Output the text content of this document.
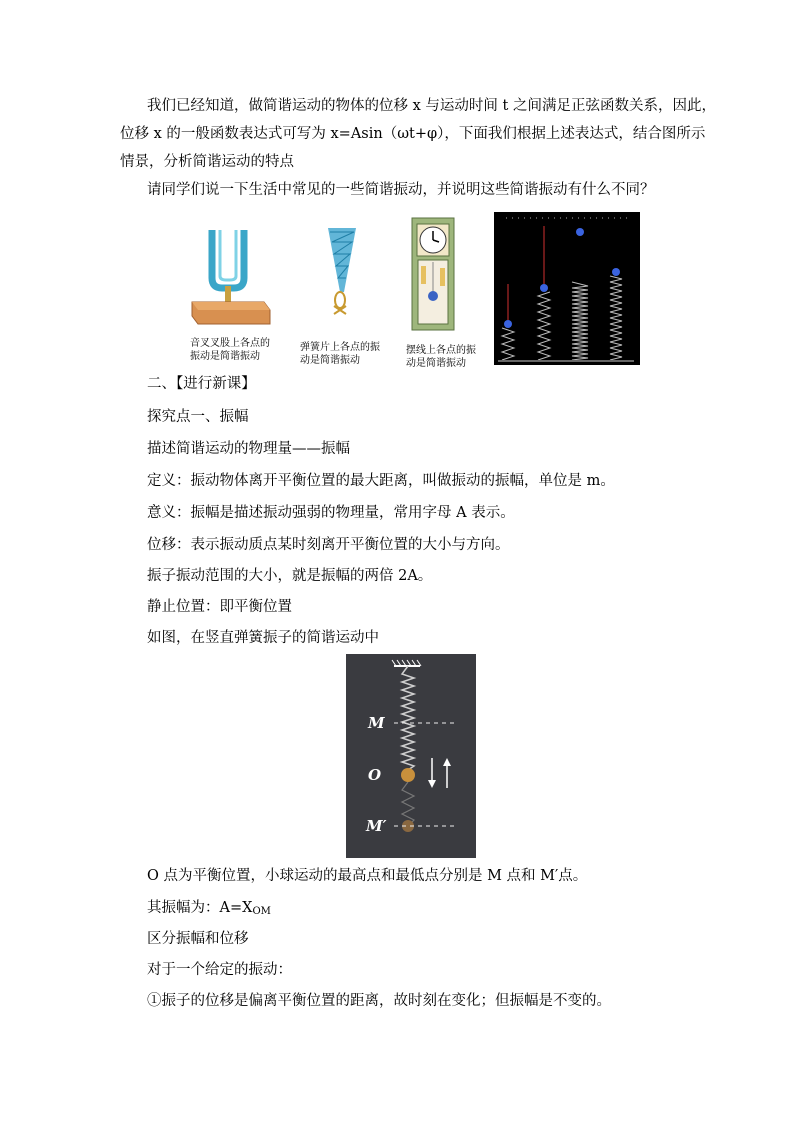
我们已经知道，做简谐运动的物体的位移 x 与运动时间 t 之间满足正弦函数关系，因此，
位移 x 的一般函数表达式可写为 x=Asin（ωt+φ），下面我们根据上述表达式，结合图所示
情景，分析简谐运动的特点
请同学们说一下生活中常见的一些简谐振动，并说明这些简谐振动有什么不同？
音叉叉股上各点的
振动是简谐振动
弹簧片上各点的振
动是简谐振动
摆线上各点的振
动是简谐振动
二、【进行新课】
探究点一、振幅
描述简谐运动的物理量——振幅
定义：振动物体离开平衡位置的最大距离，叫做振动的振幅，单位是 m。
意义：振幅是描述振动强弱的物理量，常用字母 A 表示。
位移：表示振动质点某时刻离开平衡位置的大小与方向。
振子振动范围的大小，就是振幅的两倍 2A。
静止位置：即平衡位置
如图，在竖直弹簧振子的简谐运动中
M
O
M′
O 点为平衡位置，小球运动的最高点和最低点分别是 M 点和 M′点。
其振幅为：$A=X_{OM}$
区分振幅和位移
对于一个给定的振动：
①振子的位移是偏离平衡位置的距离，故时刻在变化；但振幅是不变的。
